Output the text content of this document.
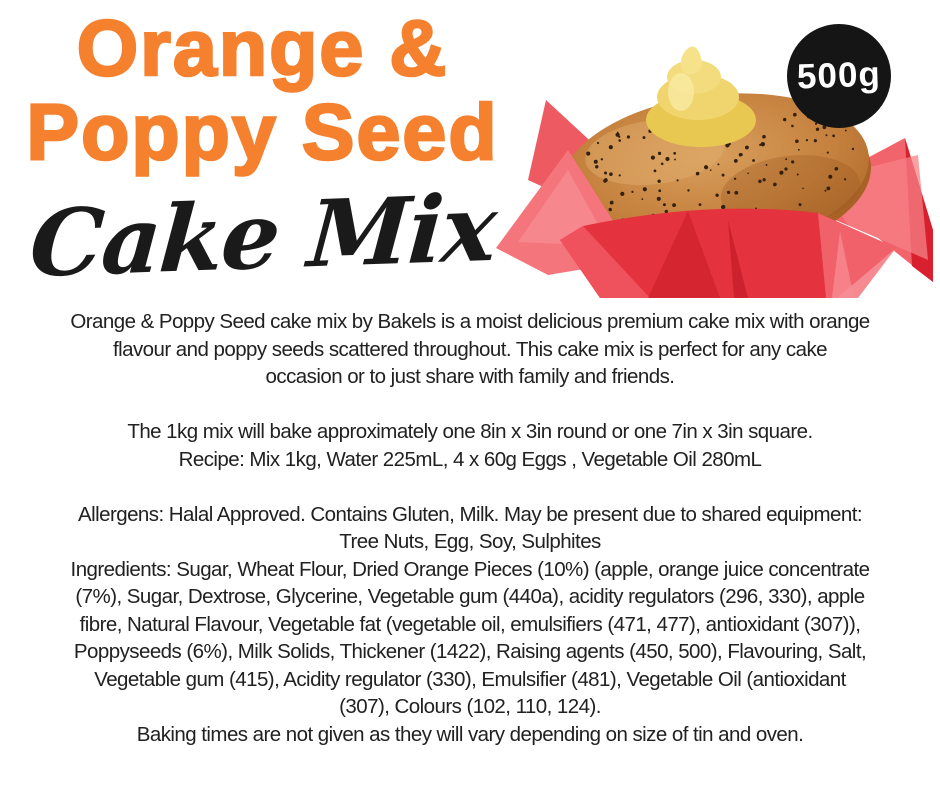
Orange &
Poppy Seed
Cake Mix
500g
Orange & Poppy Seed cake mix by Bakels is a moist delicious premium cake mix with orange
flavour and poppy seeds scattered throughout. This cake mix is perfect for any cake
occasion or to just share with family and friends.
The 1kg mix will bake approximately one 8in x 3in round or one 7in x 3in square.
Recipe: Mix 1kg, Water 225mL, 4 x 60g Eggs , Vegetable Oil 280mL
Allergens: Halal Approved. Contains Gluten, Milk. May be present due to shared equipment:
Tree Nuts, Egg, Soy, Sulphites
Ingredients: Sugar, Wheat Flour, Dried Orange Pieces (10%) (apple, orange juice concentrate
(7%), Sugar, Dextrose, Glycerine, Vegetable gum (440a), acidity regulators (296, 330), apple
fibre, Natural Flavour, Vegetable fat (vegetable oil, emulsifiers (471, 477), antioxidant (307)),
Poppyseeds (6%), Milk Solids, Thickener (1422), Raising agents (450, 500), Flavouring, Salt,
Vegetable gum (415), Acidity regulator (330), Emulsifier (481), Vegetable Oil (antioxidant
(307), Colours (102, 110, 124).
Baking times are not given as they will vary depending on size of tin and oven.
